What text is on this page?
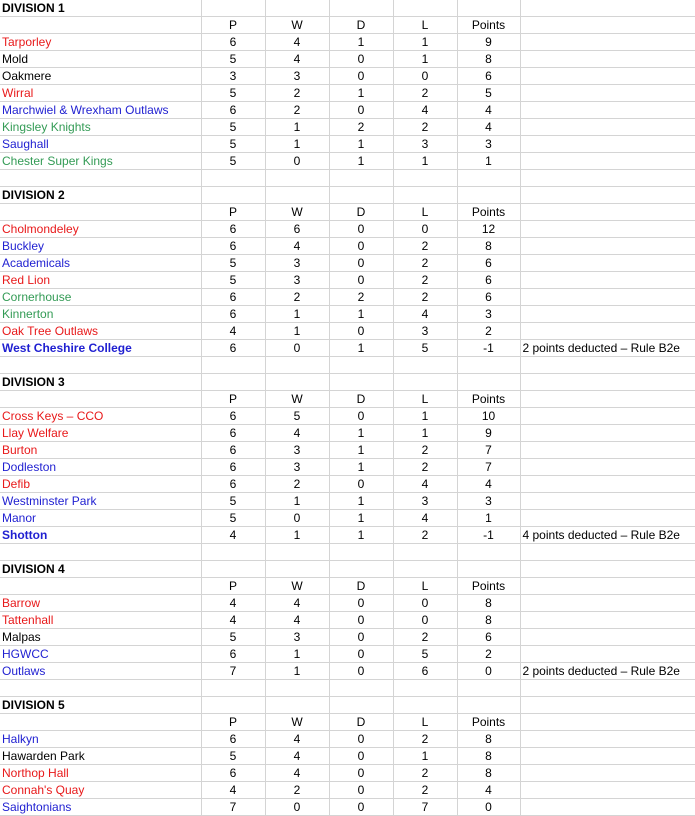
DIVISION 1						
	P	W	D	L	Points	
Tarporley	6	4	1	1	9	
Mold	5	4	0	1	8	
Oakmere	3	3	0	0	6	
Wirral	5	2	1	2	5	
Marchwiel & Wrexham Outlaws	6	2	0	4	4	
Kingsley Knights	5	1	2	2	4	
Saughall	5	1	1	3	3	
Chester Super Kings	5	0	1	1	1	

DIVISION 2						
	P	W	D	L	Points	
Cholmondeley	6	6	0	0	12	
Buckley	6	4	0	2	8	
Academicals	5	3	0	2	6	
Red Lion	5	3	0	2	6	
Cornerhouse	6	2	2	2	6	
Kinnerton	6	1	1	4	3	
Oak Tree Outlaws	4	1	0	3	2	
West Cheshire College	6	0	1	5	-1	2 points deducted – Rule B2e

DIVISION 3						
	P	W	D	L	Points	
Cross Keys – CCO	6	5	0	1	10	
Llay Welfare	6	4	1	1	9	
Burton	6	3	1	2	7	
Dodleston	6	3	1	2	7	
Defib	6	2	0	4	4	
Westminster Park	5	1	1	3	3	
Manor	5	0	1	4	1	
Shotton	4	1	1	2	-1	4 points deducted – Rule B2e

DIVISION 4						
	P	W	D	L	Points	
Barrow	4	4	0	0	8	
Tattenhall	4	4	0	0	8	
Malpas	5	3	0	2	6	
HGWCC	6	1	0	5	2	
Outlaws	7	1	0	6	0	2 points deducted – Rule B2e

DIVISION 5						
	P	W	D	L	Points	
Halkyn	6	4	0	2	8	
Hawarden Park	5	4	0	1	8	
Northop Hall	6	4	0	2	8	
Connah's Quay	4	2	0	2	4	
Saightonians	7	0	0	7	0	
